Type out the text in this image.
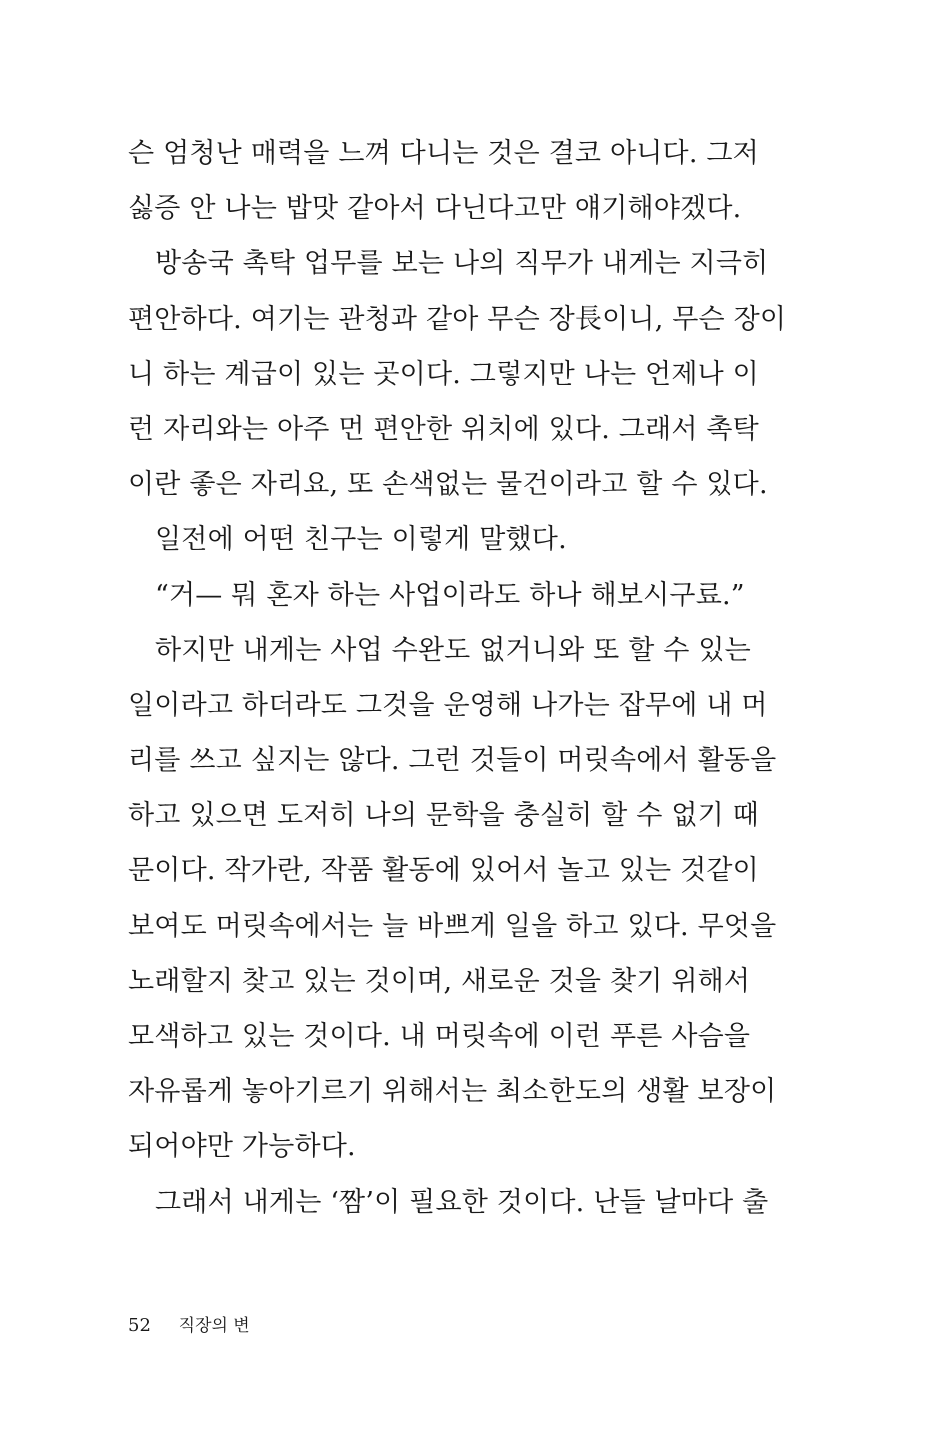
슨 엄청난 매력을 느껴 다니는 것은 결코 아니다. 그저
싫증 안 나는 밥맛 같아서 다닌다고만 얘기해야겠다.
방송국 촉탁 업무를 보는 나의 직무가 내게는 지극히
편안하다. 여기는 관청과 같아 무슨 장長이니, 무슨 장이
니 하는 계급이 있는 곳이다. 그렇지만 나는 언제나 이
런 자리와는 아주 먼 편안한 위치에 있다. 그래서 촉탁
이란 좋은 자리요, 또 손색없는 물건이라고 할 수 있다.
일전에 어떤 친구는 이렇게 말했다.
“거— 뭐 혼자 하는 사업이라도 하나 해보시구료.”
하지만 내게는 사업 수완도 없거니와 또 할 수 있는
일이라고 하더라도 그것을 운영해 나가는 잡무에 내 머
리를 쓰고 싶지는 않다. 그런 것들이 머릿속에서 활동을
하고 있으면 도저히 나의 문학을 충실히 할 수 없기 때
문이다. 작가란, 작품 활동에 있어서 놀고 있는 것같이
보여도 머릿속에서는 늘 바쁘게 일을 하고 있다. 무엇을
노래할지 찾고 있는 것이며, 새로운 것을 찾기 위해서
모색하고 있는 것이다. 내 머릿속에 이런 푸른 사슴을
자유롭게 놓아기르기 위해서는 최소한도의 생활 보장이
되어야만 가능하다.
그래서 내게는 ‘짬’이 필요한 것이다. 난들 날마다 출
52 직장의 변
